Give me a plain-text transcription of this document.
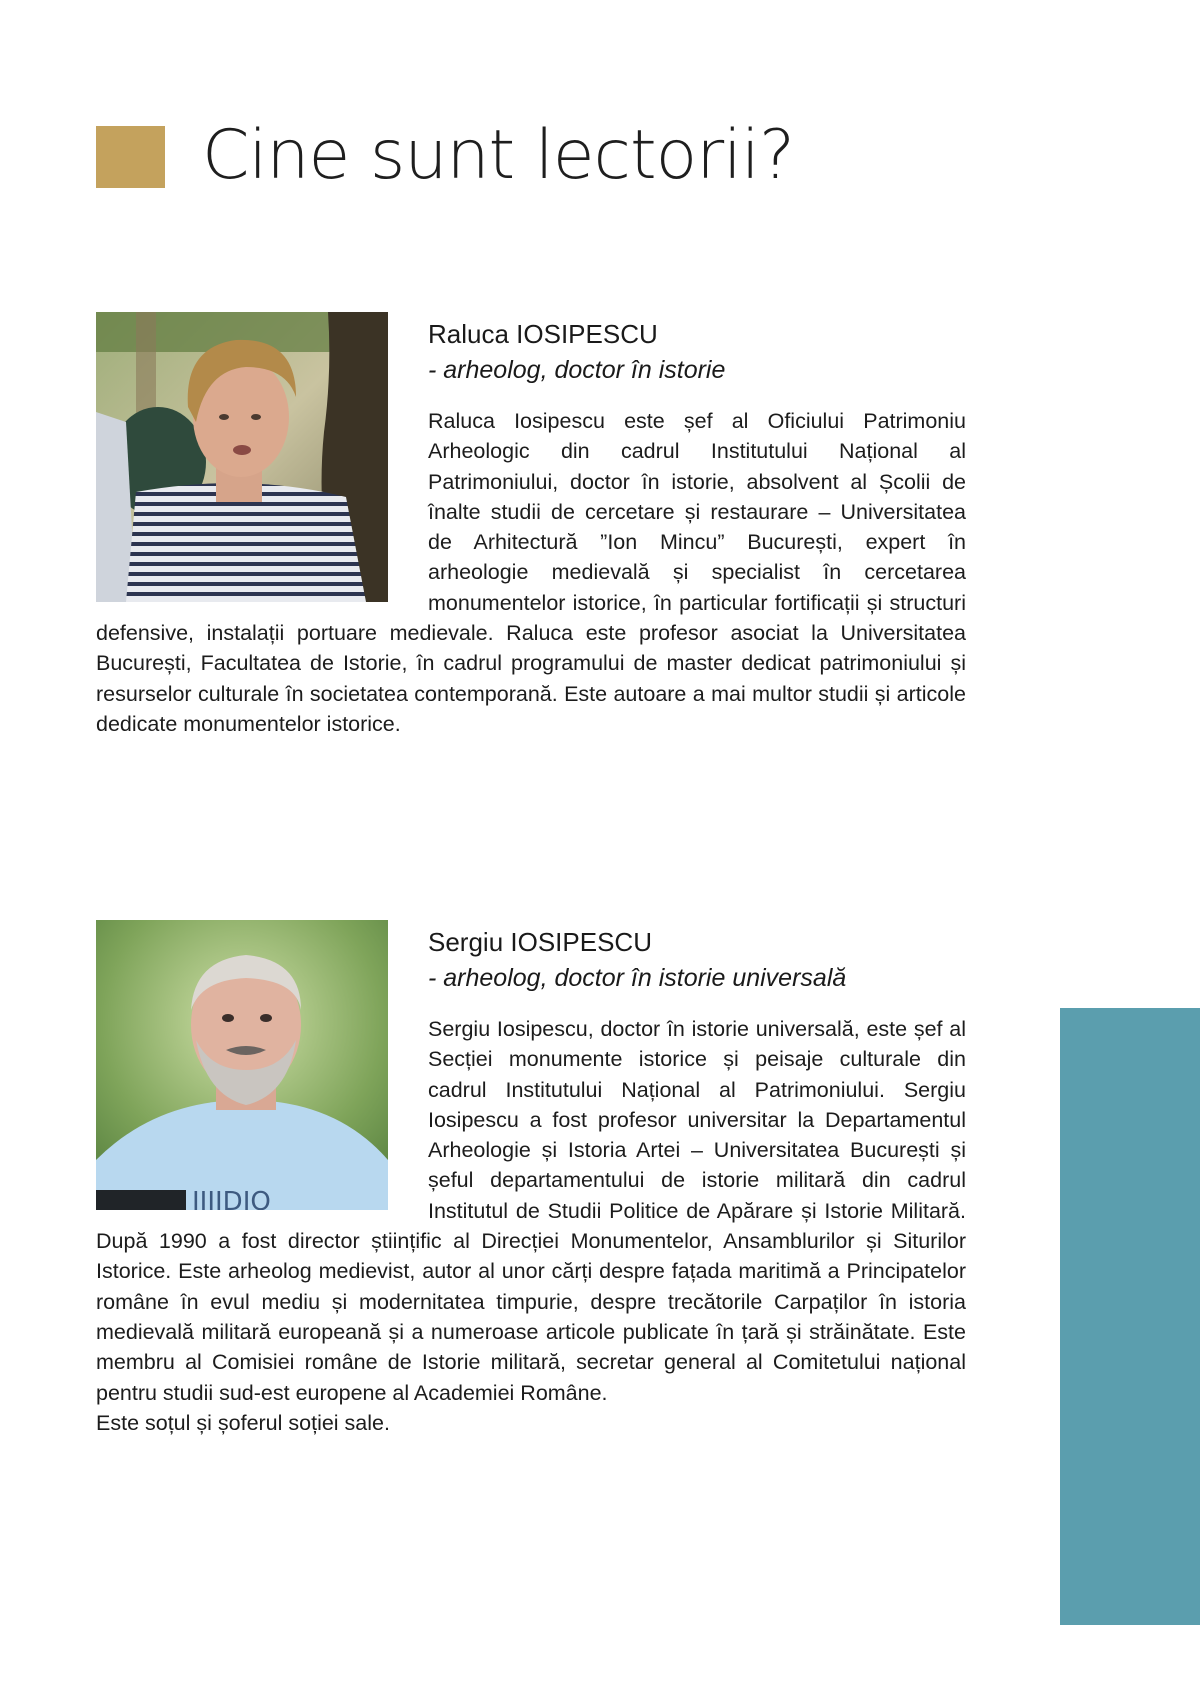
Cine sunt lectorii?
Raluca IOSIPESCU

- arheolog, doctor în istorie

Raluca Iosipescu este șef al Oficiului Patrimoniu Arheologic din cadrul Institutului Național al Patrimoniului, doctor în istorie, absolvent al Școlii de înalte studii de cercetare și restaurare – Universitatea de Arhitectură ”Ion Mincu” București, expert în arheologie medievală și specialist în cercetarea monumentelor istorice, în particular fortificații și structuri defensive, instalații portuare medievale. Raluca este profesor asociat la Universitatea București, Facultatea de Istorie, în cadrul programului de master dedicat patrimoniului și resurselor culturale în societatea contemporană. Este autoare a mai multor studii și articole dedicate monumentelor istorice.

IIIIDIO
Sergiu IOSIPESCU

- arheolog, doctor în istorie universală

Sergiu Iosipescu, doctor în istorie universală, este șef al Secției monumente istorice și peisaje culturale din cadrul Institutului Național al Patrimoniului. Sergiu Iosipescu a fost profesor universitar la Departamentul Arheologie și Istoria Artei – Universitatea București și șeful departamentului de istorie militară din cadrul Institutul de Studii Politice de Apărare și Istorie Militară. După 1990 a fost director științific al Direcției Monumentelor, Ansamblurilor și Siturilor Istorice. Este arheolog medievist, autor al unor cărți despre fațada maritimă a Principatelor române în evul mediu și modernitatea timpurie, despre trecătorile Carpaților în istoria medievală militară europeană și a numeroase articole publicate în țară și străinătate. Este membru al Comisiei române de Istorie militară, secretar general al Comitetului național pentru studii sud-est europene al Academiei Române.

Este soțul și șoferul soției sale.
